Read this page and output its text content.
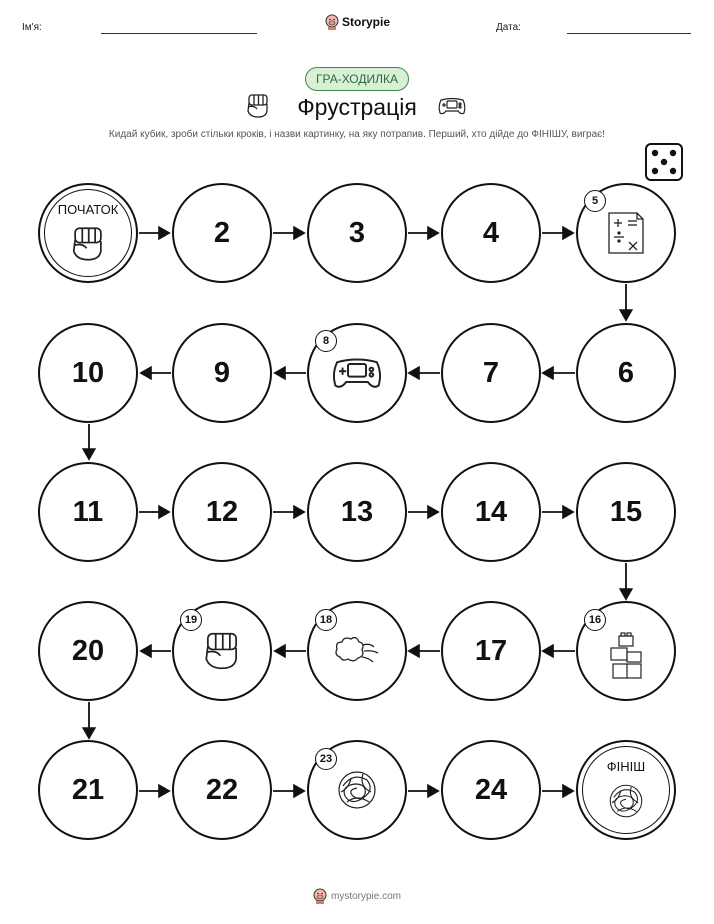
Ім'я:	Storypie	Дата:
ГРА-ХОДИЛКА
Фрустрація
Кидай кубик, зроби стільки кроків, і назви картинку, на яку потрапив. Перший, хто дійде до ФІНІШУ, виграє!
ПОЧАТОК
2	3	4
5
10	9
8
7	6
11	12	13	14	15
20
19	18
17
16
21	22
23
24
ФІНІШ
mystorypie.com
